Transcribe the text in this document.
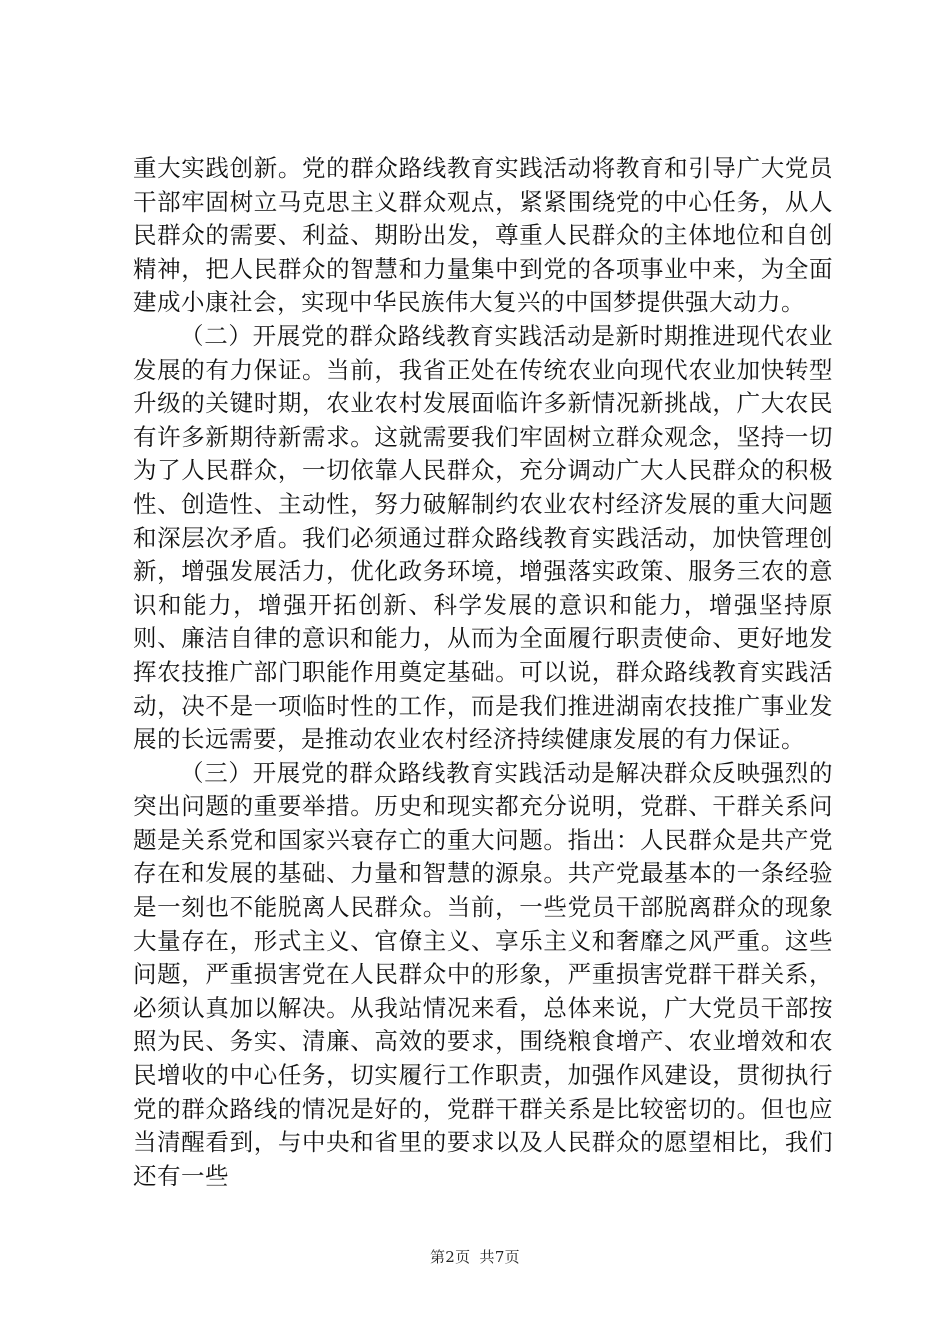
重大实践创新。党的群众路线教育实践活动将教育和引导广大党员干部牢固树立马克思主义群众观点，紧紧围绕党的中心任务，从人民群众的需要、利益、期盼出发，尊重人民群众的主体地位和自创精神，把人民群众的智慧和力量集中到党的各项事业中来，为全面建成小康社会，实现中华民族伟大复兴的中国梦提供强大动力。

（二）开展党的群众路线教育实践活动是新时期推进现代农业发展的有力保证。当前，我省正处在传统农业向现代农业加快转型升级的关键时期，农业农村发展面临许多新情况新挑战，广大农民有许多新期待新需求。这就需要我们牢固树立群众观念，坚持一切为了人民群众，一切依靠人民群众，充分调动广大人民群众的积极性、创造性、主动性，努力破解制约农业农村经济发展的重大问题和深层次矛盾。我们必须通过群众路线教育实践活动，加快管理创新，增强发展活力，优化政务环境，增强落实政策、服务三农的意识和能力，增强开拓创新、科学发展的意识和能力，增强坚持原则、廉洁自律的意识和能力，从而为全面履行职责使命、更好地发挥农技推广部门职能作用奠定基础。可以说，群众路线教育实践活动，决不是一项临时性的工作，而是我们推进湖南农技推广事业发展的长远需要，是推动农业农村经济持续健康发展的有力保证。

（三）开展党的群众路线教育实践活动是解决群众反映强烈的突出问题的重要举措。历史和现实都充分说明，党群、干群关系问题是关系党和国家兴衰存亡的重大问题。指出：人民群众是共产党存在和发展的基础、力量和智慧的源泉。共产党最基本的一条经验是一刻也不能脱离人民群众。当前，一些党员干部脱离群众的现象大量存在，形式主义、官僚主义、享乐主义和奢靡之风严重。这些问题，严重损害党在人民群众中的形象，严重损害党群干群关系，必须认真加以解决。从我站情况来看，总体来说，广大党员干部按照为民、务实、清廉、高效的要求，围绕粮食增产、农业增效和农民增收的中心任务，切实履行工作职责，加强作风建设，贯彻执行党的群众路线的情况是好的，党群干群关系是比较密切的。但也应当清醒看到，与中央和省里的要求以及人民群众的愿望相比，我们还有一些

第2页 共7页
